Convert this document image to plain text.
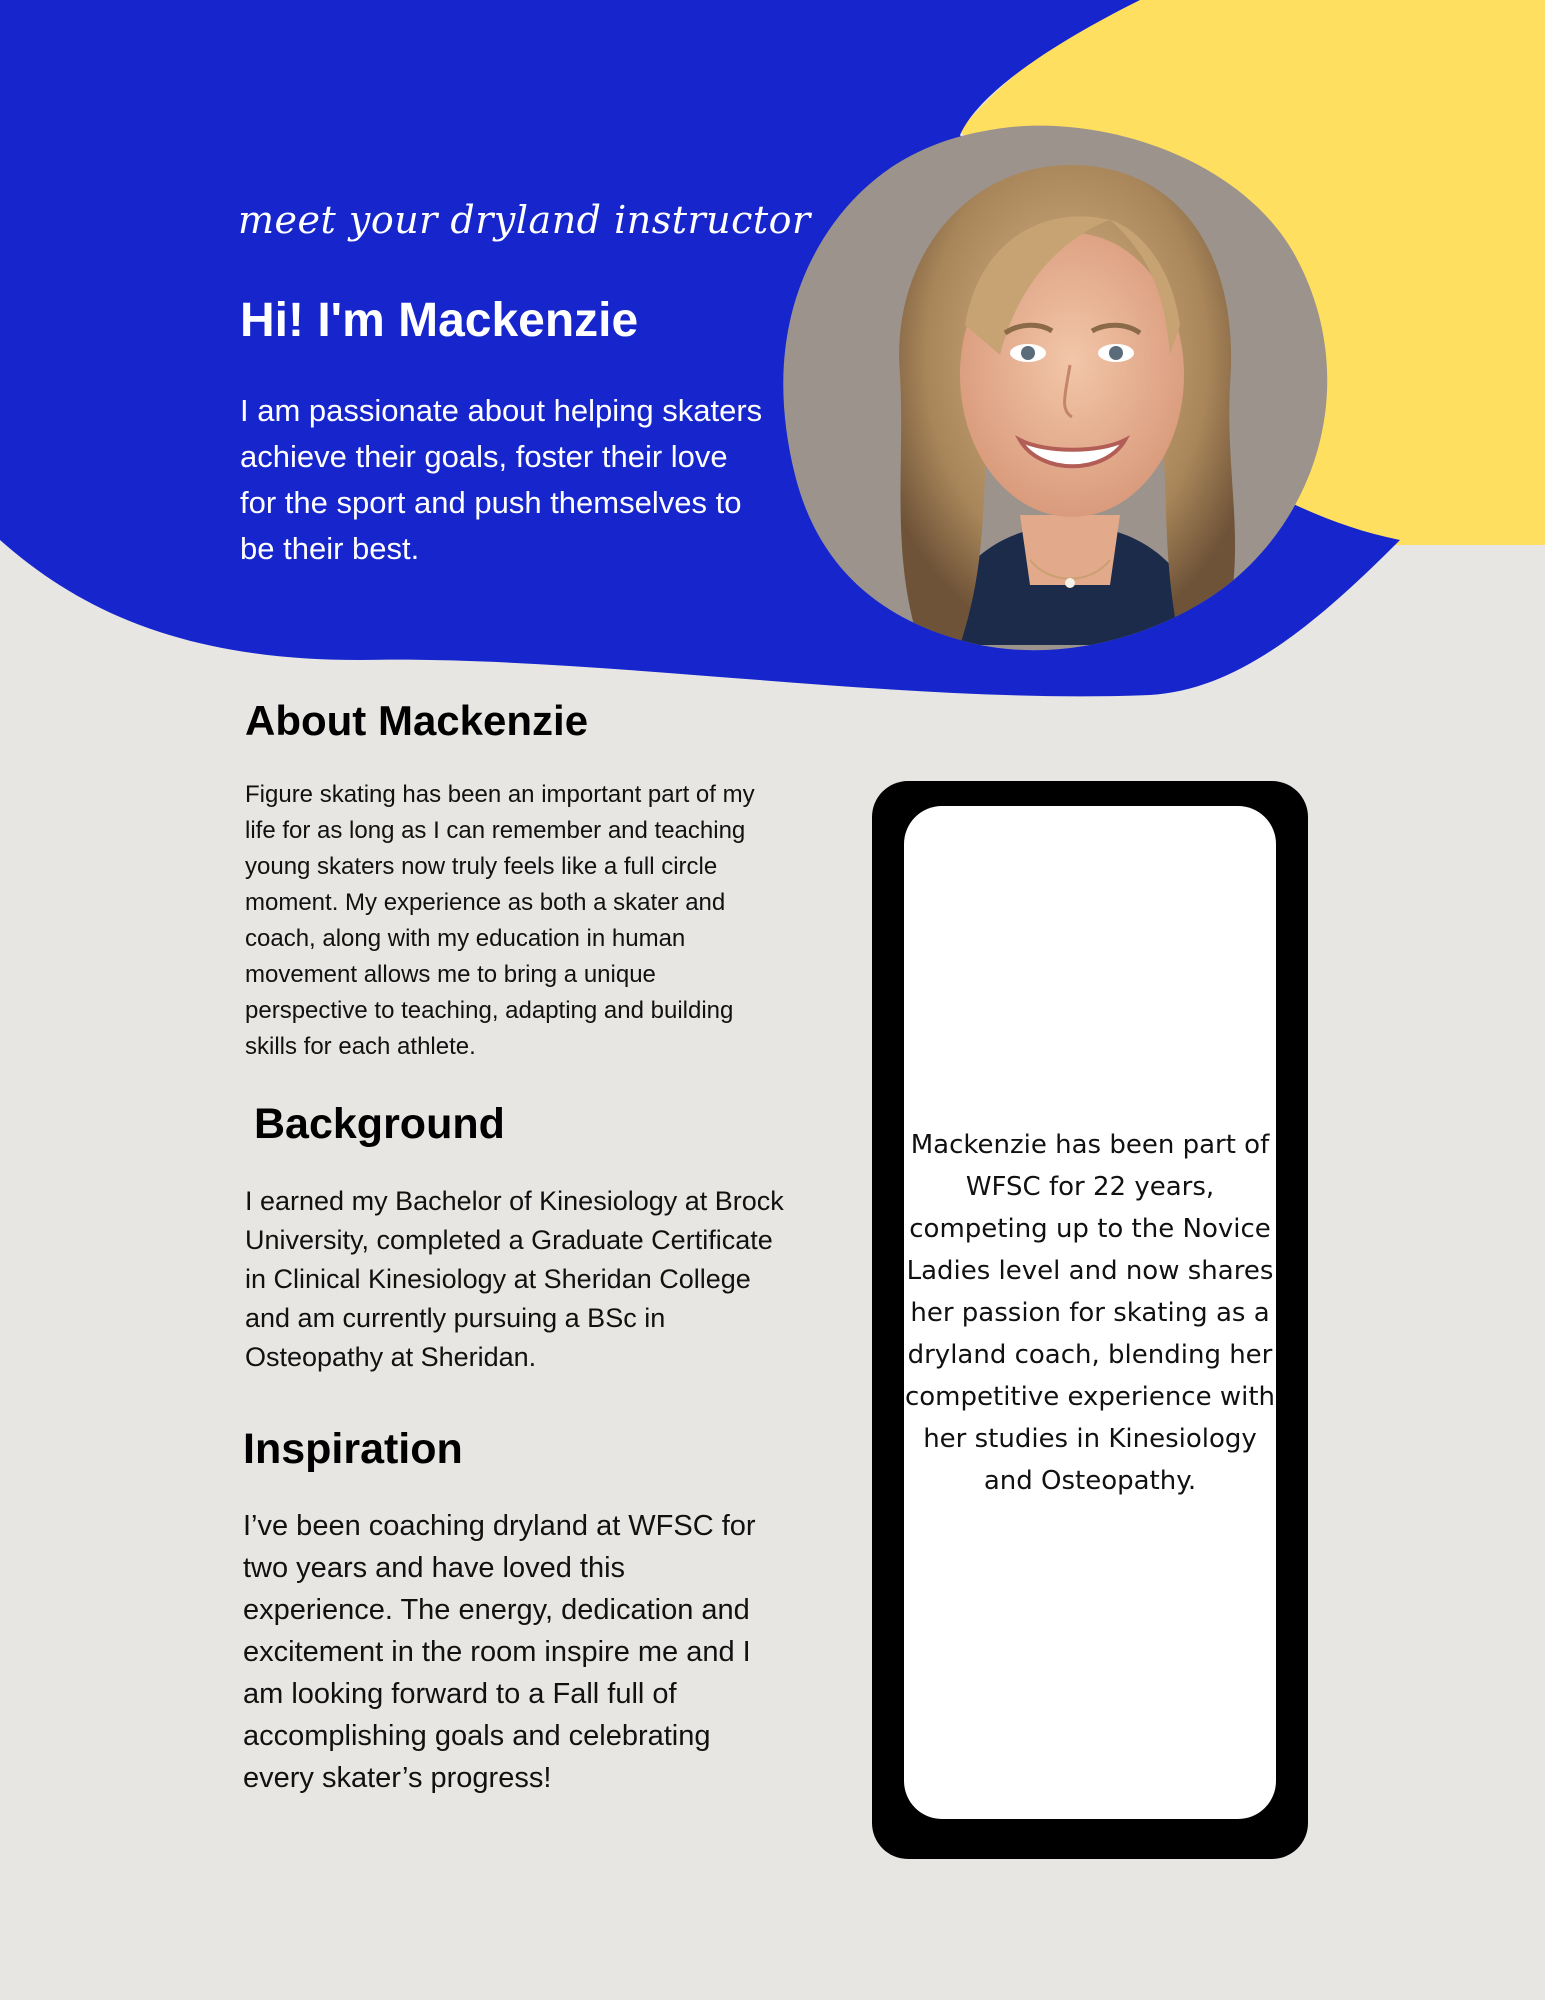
meet your dryland instructor
Hi! I'm Mackenzie

I am passionate about helping skaters achieve their goals, foster their love for the sport and push themselves to be their best.

About Mackenzie

Figure skating has been an important part of my life for as long as I can remember and teaching young skaters now truly feels like a full circle moment. My experience as both a skater and coach, along with my education in human movement allows me to bring a unique perspective to teaching, adapting and building skills for each athlete.

Background

I earned my Bachelor of Kinesiology at Brock University, completed a Graduate Certificate in Clinical Kinesiology at Sheridan College and am currently pursuing a BSc in Osteopathy at Sheridan.

Inspiration

I’ve been coaching dryland at WFSC for two years and have loved this experience. The energy, dedication and excitement in the room inspire me and I am looking forward to a Fall full of accomplishing goals and celebrating every skater’s progress!

Mackenzie has been part of WFSC for 22 years, competing up to the Novice Ladies level and now shares her passion for skating as a dryland coach, blending her competitive experience with her studies in Kinesiology and Osteopathy.
